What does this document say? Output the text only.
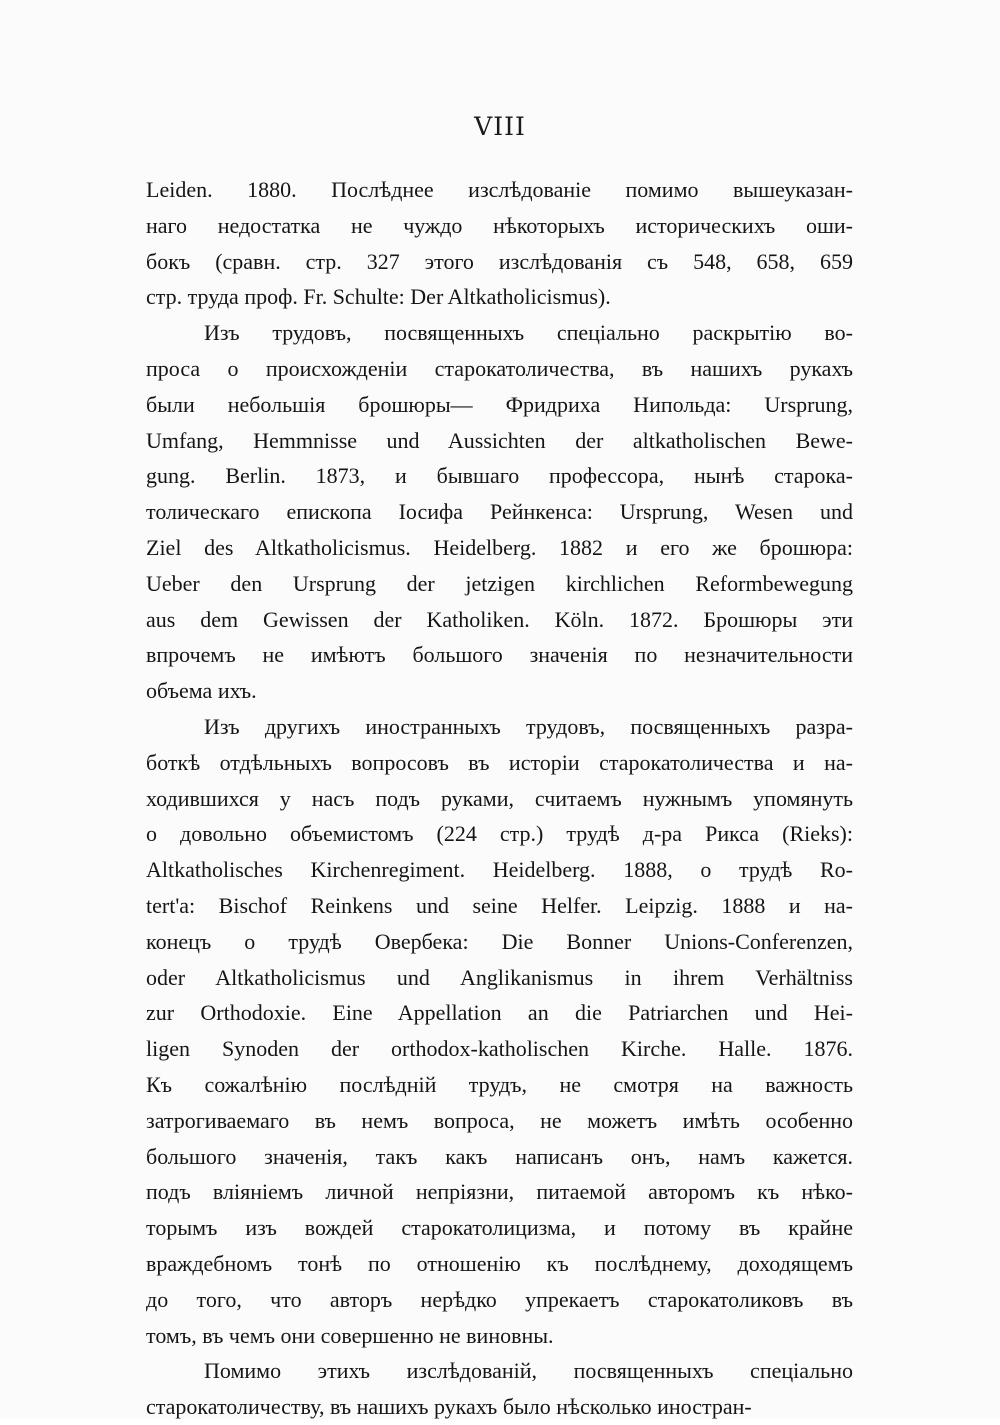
VIII
Leiden. 1880. Послѣднее изслѣдованіе помимо вышеуказан-
наго недостатка не чуждо нѣкоторыхъ историческихъ оши-
бокъ (сравн. стр. 327 этого изслѣдованія съ 548, 658, 659
стр. труда проф. Fr. Schulte: Der Altkatholicismus).
Изъ трудовъ, посвященныхъ спеціально раскрытію во-
проса о происхожденіи старокатоличества, въ нашихъ рукахъ
были небольшія брошюры— Фридриха Нипольда: Ursprung,
Umfang, Hemmnisse und Aussichten der altkatholischen Bewe-
gung. Berlin. 1873, и бывшаго профессора, нынѣ старока-
толическаго епископа Іосифа Рейнкенса: Ursprung, Wesen und
Ziel des Altkatholicismus. Heidelberg. 1882 и его же брошюра:
Ueber den Ursprung der jetzigen kirchlichen Reformbewegung
aus dem Gewissen der Katholiken. Köln. 1872. Брошюры эти
впрочемъ не имѣютъ большого значенія по незначительности
объема ихъ.
Изъ другихъ иностранныхъ трудовъ, посвященныхъ разра-
боткѣ отдѣльныхъ вопросовъ въ исторіи старокатоличества и на-
ходившихся у насъ подъ руками, считаемъ нужнымъ упомянуть
о довольно объемистомъ (224 стр.) трудѣ д-ра Рикса (Rieks):
Altkatholisches Kirchenregiment. Heidelberg. 1888, о трудѣ Ro-
tert'a: Bischof Reinkens und seine Helfer. Leipzig. 1888 и на-
конецъ о трудѣ Овербека: Die Bonner Unions-Conferenzen,
oder Altkatholicismus und Anglikanismus in ihrem Verhältniss
zur Orthodoxie. Eine Appellation an die Patriarchen und Hei-
ligen Synoden der orthodox-katholischen Kirche. Halle. 1876.
Къ сожалѣнію послѣдній трудъ, не смотря на важность
затрогиваемаго въ немъ вопроса, не можетъ имѣть особенно
большого значенія, такъ какъ написанъ онъ, намъ кажется.
подъ вліяніемъ личной непріязни, питаемой авторомъ къ нѣко-
торымъ изъ вождей старокатолицизма, и потому въ крайне
враждебномъ тонѣ по отношенію къ послѣднему, доходящемъ
до того, что авторъ нерѣдко упрекаетъ старокатоликовъ въ
томъ, въ чемъ они совершенно не виновны.
Помимо этихъ изслѣдованій, посвященныхъ спеціально
старокатоличеству, въ нашихъ рукахъ было нѣсколько иностран-
